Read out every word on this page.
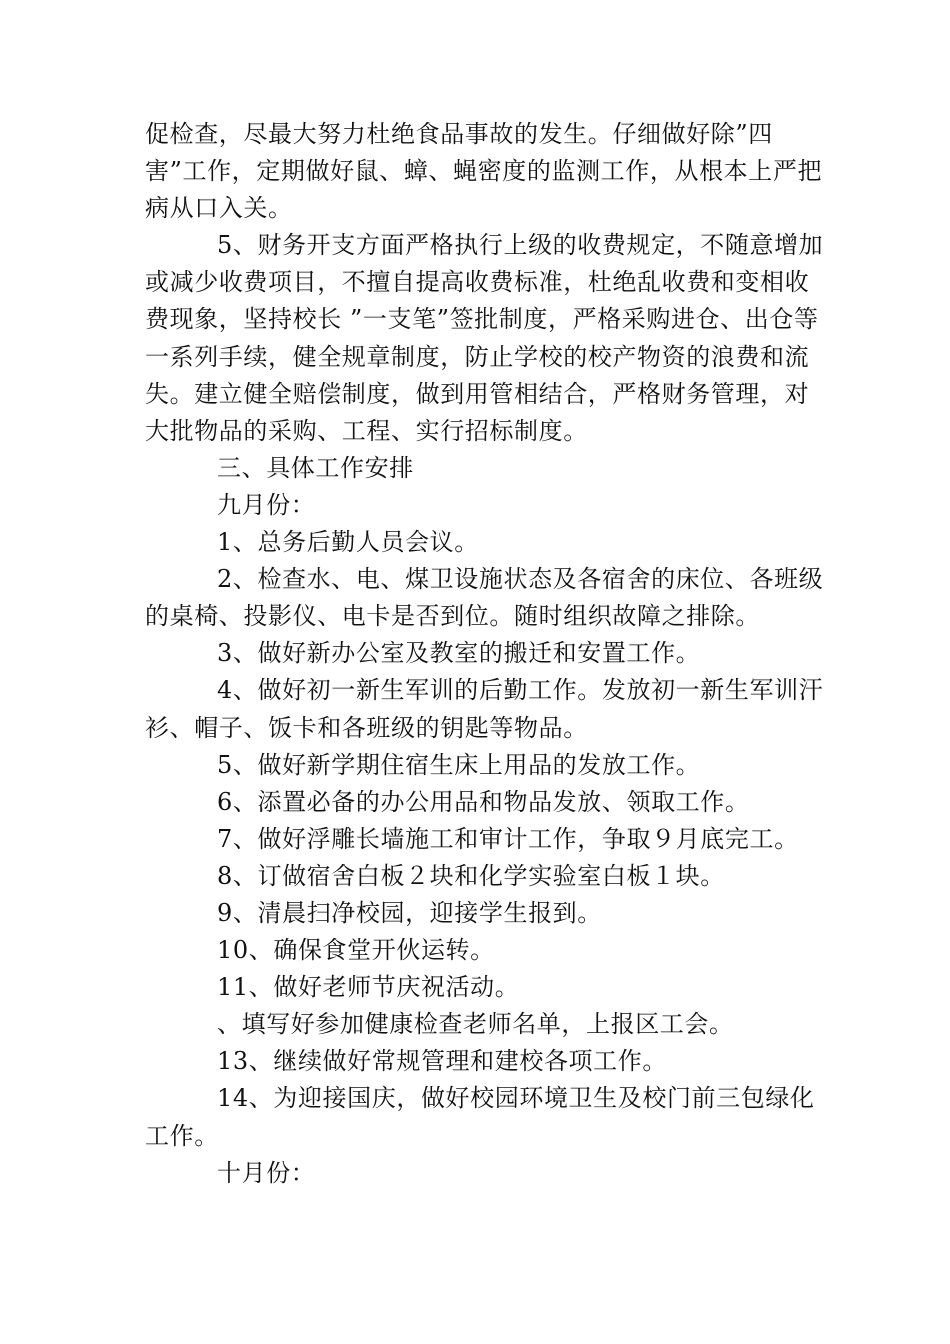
促检查，尽最大努力杜绝食品事故的发生。仔细做好除”四
害”工作，定期做好鼠、蟑、蝇密度的监测工作，从根本上严把
病从口入关。
5、财务开支方面严格执行上级的收费规定，不随意增加
或减少收费项目，不擅自提高收费标准，杜绝乱收费和变相收
费现象，坚持校长 ”一支笔”签批制度，严格采购进仓、出仓等
一系列手续，健全规章制度，防止学校的校产物资的浪费和流
失。建立健全赔偿制度，做到用管相结合，严格财务管理，对
大批物品的采购、工程、实行招标制度。
三、具体工作安排
九月份：
1、总务后勤人员会议。
2、检查水、电、煤卫设施状态及各宿舍的床位、各班级
的桌椅、投影仪、电卡是否到位。随时组织故障之排除。
3、做好新办公室及教室的搬迁和安置工作。
4、做好初一新生军训的后勤工作。发放初一新生军训汗
衫、帽子、饭卡和各班级的钥匙等物品。
5、做好新学期住宿生床上用品的发放工作。
6、添置必备的办公用品和物品发放、领取工作。
7、做好浮雕长墙施工和审计工作，争取９月底完工。
8、订做宿舍白板２块和化学实验室白板１块。
9、清晨扫净校园，迎接学生报到。
10、确保食堂开伙运转。
11、做好老师节庆祝活动。
、填写好参加健康检查老师名单，上报区工会。
13、继续做好常规管理和建校各项工作。
14、为迎接国庆，做好校园环境卫生及校门前三包绿化
工作。
十月份：
